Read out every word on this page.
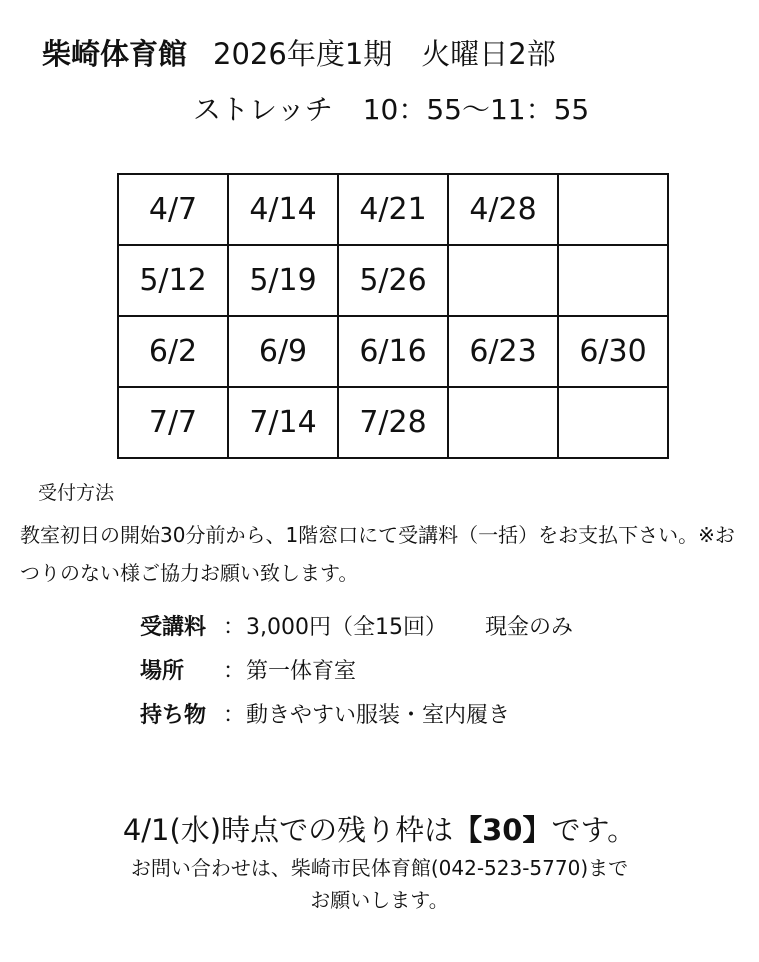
柴崎体育館 2026年度1期　火曜日2部
ストレッチ 10：55〜11：55
4/7	4/14	4/21	4/28	
5/12	5/19	5/26		
6/2	6/9	6/16	6/23	6/30
7/7	7/14	7/28		
受付方法
教室初日の開始30分前から、1階窓口にて受講料（一括）をお支払下さい。※おつりのない様ご協力お願い致します。
受講料 ：3,000円（全15回） 現金のみ
場所 ：第一体育室
持ち物 ：動きやすい服装・室内履き
4/1(水)時点での残り枠は【30】です。
お問い合わせは、柴崎市民体育館(042-523-5770)まで
お願いします。
